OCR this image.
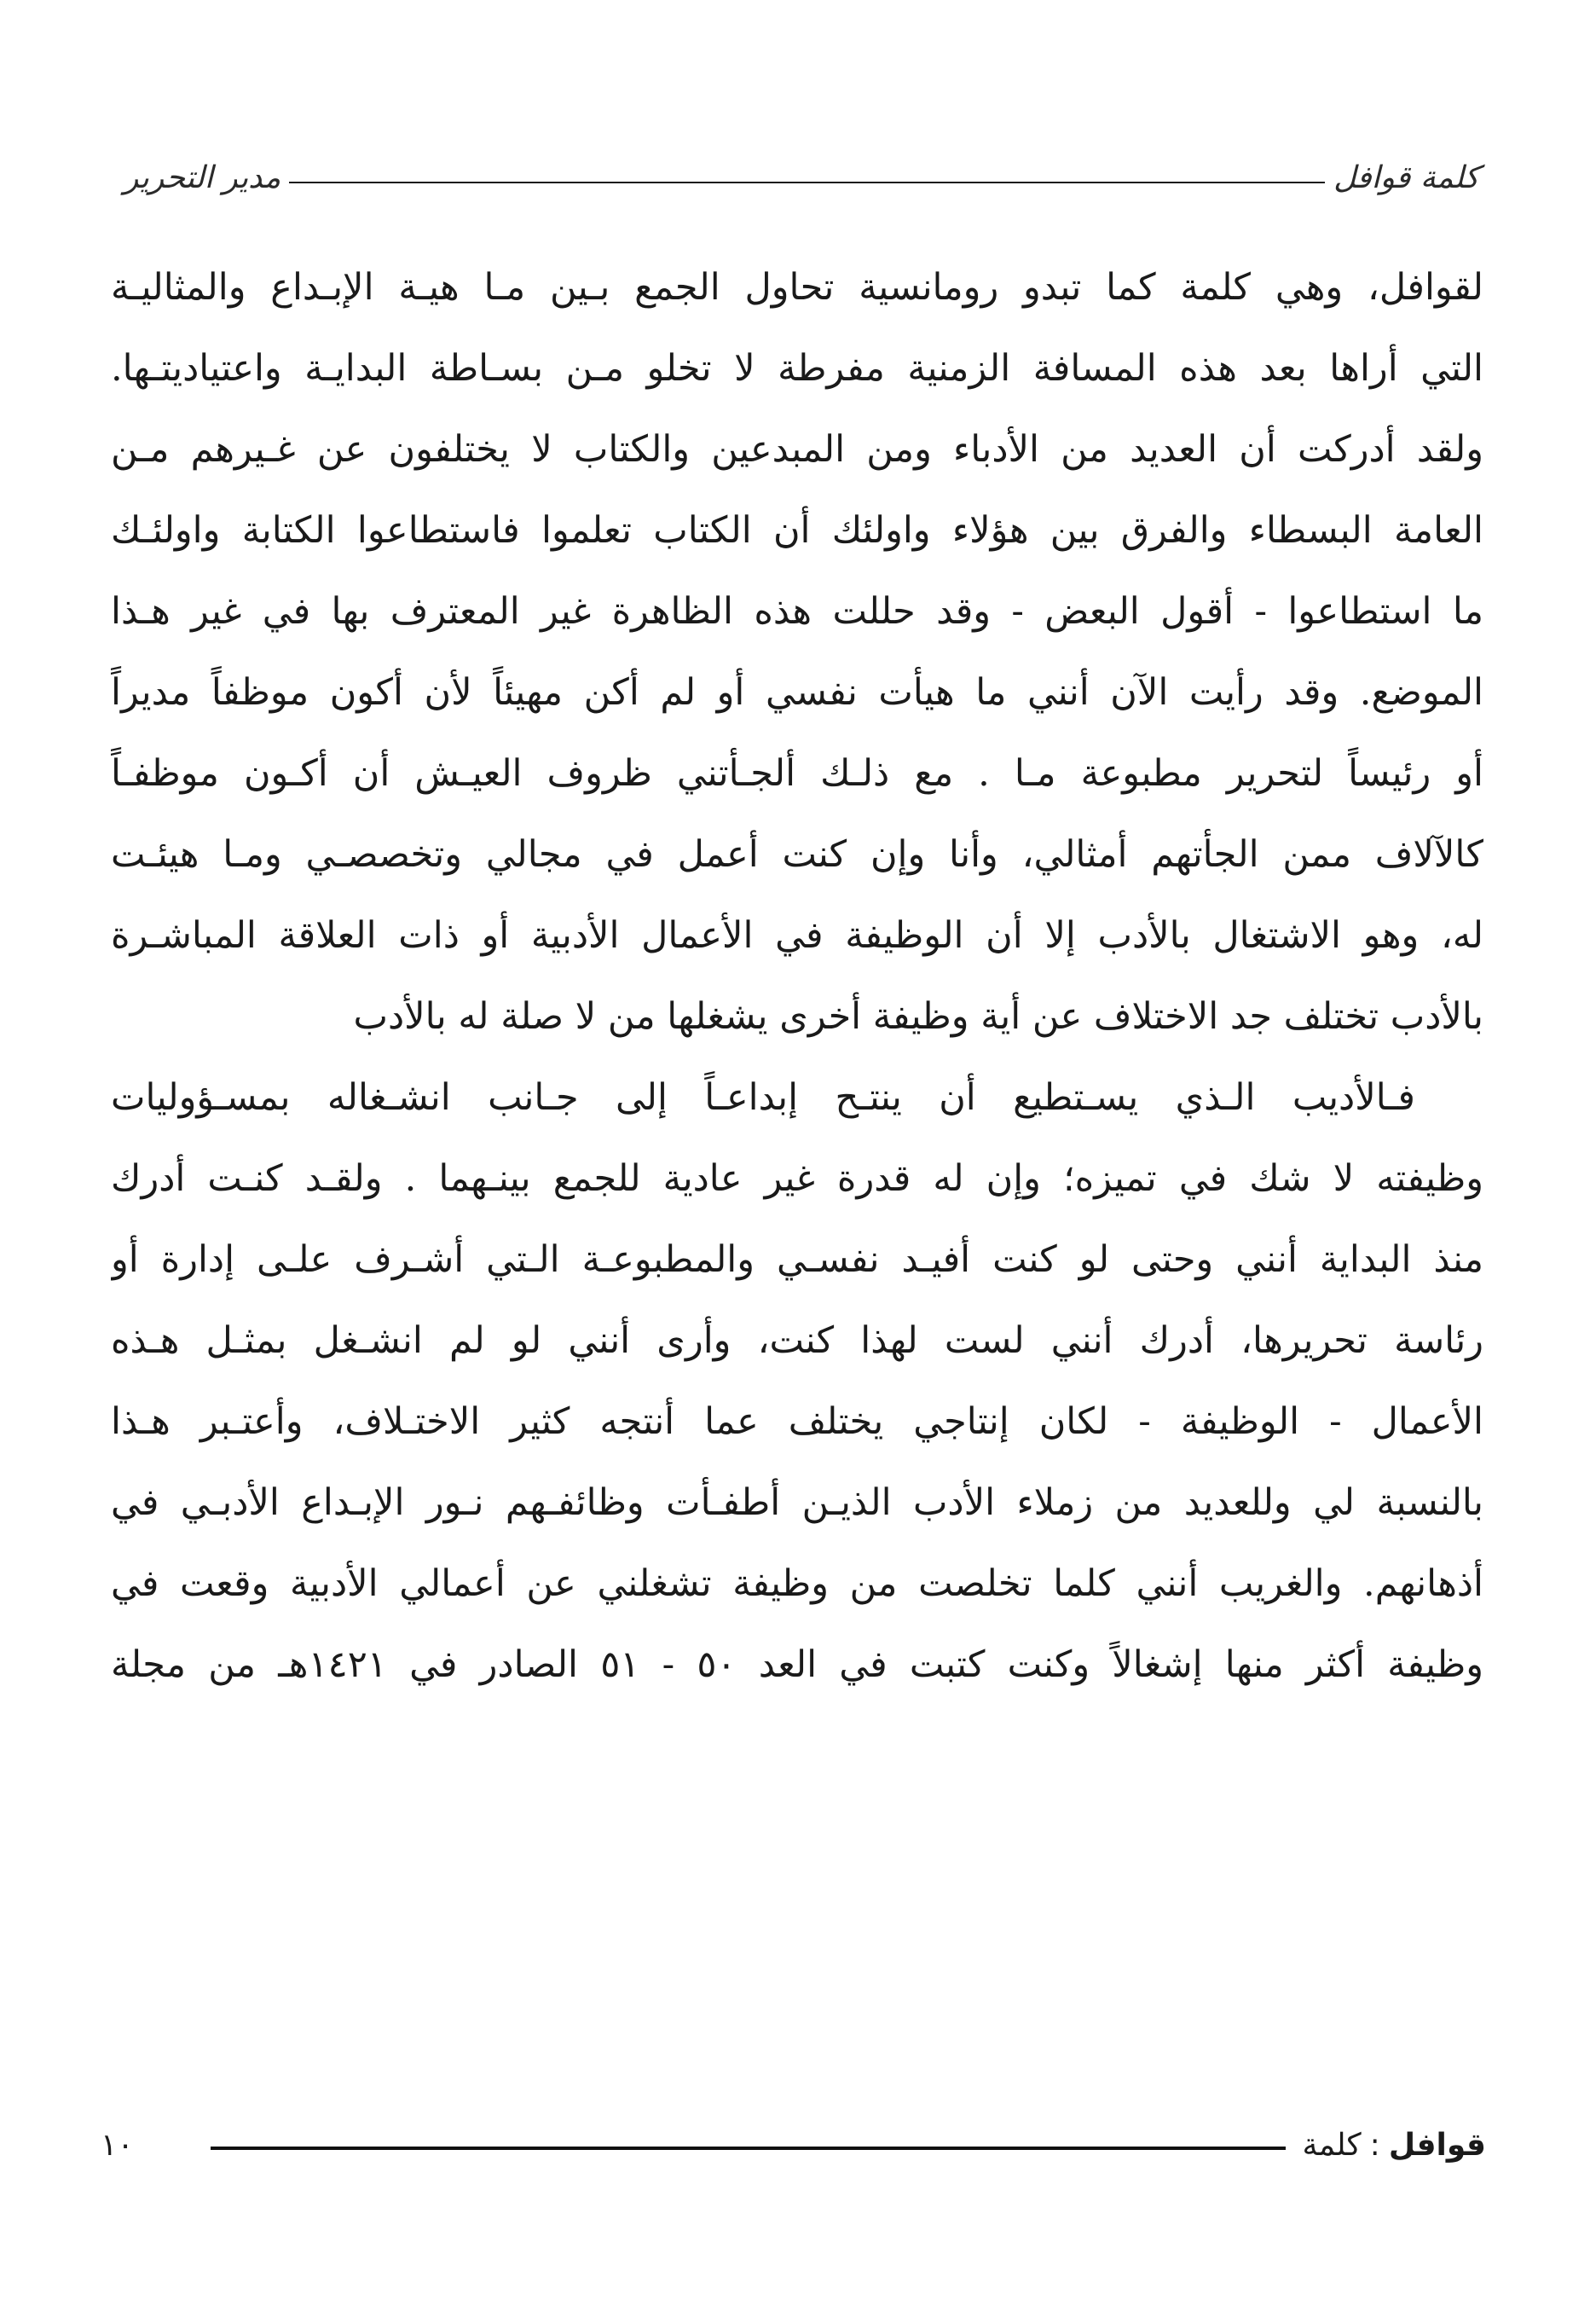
كلمة قوافل
مدير التحرير
لقوافل، وهي كلمة كما تبدو رومانسية تحاول الجمع بـين مـا هيـة الإبـداع والمثاليـة
التي أراها بعد هذه المسافة الزمنية مفرطة لا تخلو مـن بسـاطة البدايـة واعتياديتـها.
ولقد أدركت أن العديد من الأدباء ومن المبدعين والكتاب لا يختلفون عن غـيرهم مـن
العامة البسطاء والفرق بين هؤلاء واولئك أن الكتاب تعلموا فاستطاعوا الكتابة واولئـك
ما استطاعوا - أقول البعض - وقد حللت هذه الظاهرة غير المعترف بها في غير هـذا
الموضع. وقد رأيت الآن أنني ما هيأت نفسي أو لم أكن مهيئاً لأن أكون موظفاً مديراً
أو رئيساً لتحرير مطبوعة مـا . مع ذلـك ألجـأتني ظروف العيـش أن أكـون موظفـاً
كالآلاف ممن الجأتهم أمثالي، وأنا وإن كنت أعمل في مجالي وتخصصـي ومـا هيئـت
له، وهو الاشتغال بالأدب إلا أن الوظيفة في الأعمال الأدبية أو ذات العلاقة المباشـرة
بالأدب تختلف جد الاختلاف عن أية وظيفة أخرى يشغلها من لا صلة له بالأدب
فـالأديب الـذي يسـتطيع أن ينتـح إبداعـاً إلى جـانب انشـغاله بمسـؤوليات
وظيفته لا شك في تميزه؛ وإن له قدرة غير عادية للجمع بينـهما . ولقـد كنـت أدرك
منذ البداية أنني وحتى لو كنت أفيـد نفسـي والمطبوعـة الـتي أشـرف علـى إدارة أو
رئاسة تحريرها، أدرك أنني لست لهذا كنت، وأرى أنني لو لم انشـغل بمثـل هـذه
الأعمال - الوظيفة - لكان إنتاجي يختلف عما أنتجه كثير الاختـلاف، وأعتـبر هـذا
بالنسبة لي وللعديد من زملاء الأدب الذيـن أطفـأت وظائفـهم نـور الإبـداع الأدبـي في
أذهانهم. والغريب أنني كلما تخلصت من وظيفة تشغلني عن أعمالي الأدبية وقعت في
وظيفة أكثر منها إشغالاً وكنت كتبت في العد ٥٠ - ٥١ الصادر في ١٤٢١هـ من مجلة
قوافل
:
كلمة
١٠
